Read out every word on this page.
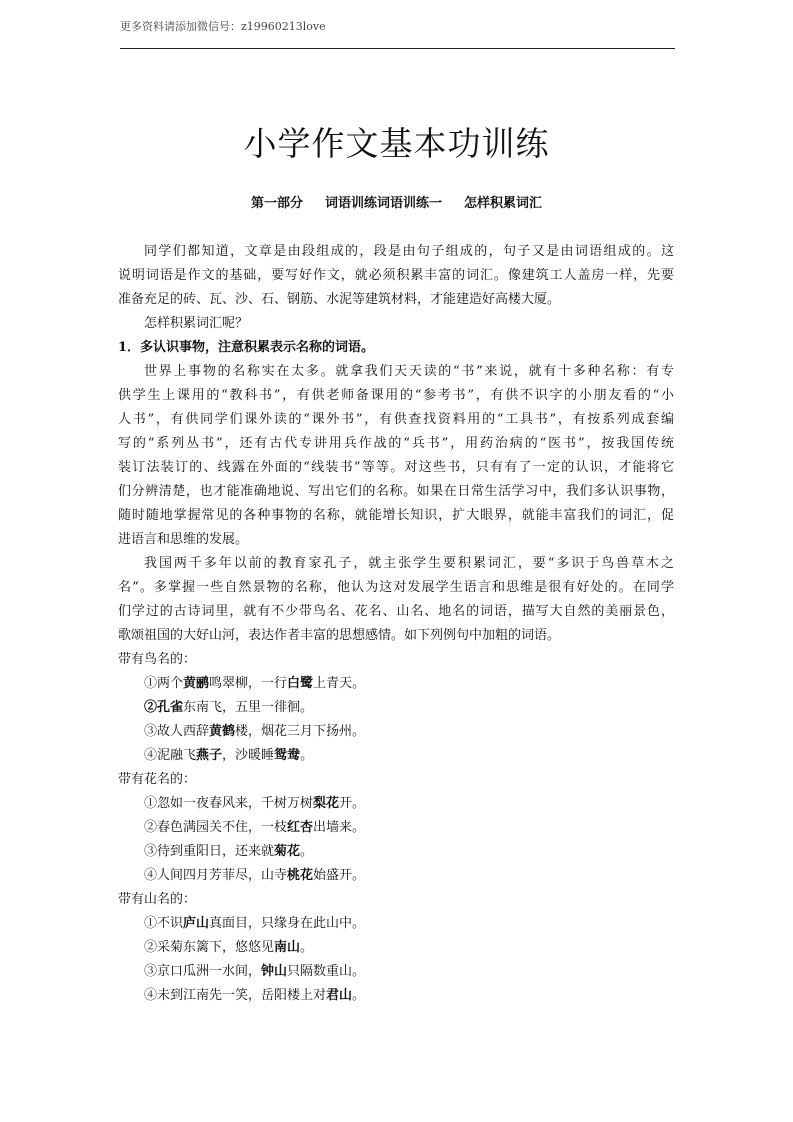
更多资料请添加微信号：z19960213love
小学作文基本功训练
第一部分 词语训练词语训练一 怎样积累词汇

同学们都知道，文章是由段组成的，段是由句子组成的，句子又是由词语组成的。这
说明词语是作文的基础，要写好作文，就必须积累丰富的词汇。像建筑工人盖房一样，先要
准备充足的砖、瓦、沙、石、钢筋、水泥等建筑材料，才能建造好高楼大厦。

怎样积累词汇呢？

1．多认识事物，注意积累表示名称的词语。

世界上事物的名称实在太多。就拿我们天天读的“书”来说，就有十多种名称：有专
供学生上课用的“教科书”，有供老师备课用的“参考书”，有供不识字的小朋友看的“小
人书”，有供同学们课外读的“课外书”，有供查找资料用的“工具书”，有按系列成套编
写的“系列丛书”，还有古代专讲用兵作战的“兵书”，用药治病的“医书”，按我国传统
装订法装订的、线露在外面的“线装书”等等。对这些书，只有有了一定的认识，才能将它
们分辨清楚，也才能准确地说、写出它们的名称。如果在日常生活学习中，我们多认识事物，
随时随地掌握常见的各种事物的名称，就能增长知识，扩大眼界，就能丰富我们的词汇，促
进语言和思维的发展。

我国两千多年以前的教育家孔子，就主张学生要积累词汇，要“多识于鸟兽草木之
名”。多掌握一些自然景物的名称，他认为这对发展学生语言和思维是很有好处的。在同学
们学过的古诗词里，就有不少带鸟名、花名、山名、地名的词语，描写大自然的美丽景色，
歌颂祖国的大好山河，表达作者丰富的思想感情。如下列例句中加粗的词语。

带有鸟名的：

①两个黄鹂鸣翠柳，一行白鹭上青天。

②孔雀东南飞，五里一徘徊。

③故人西辞黄鹤楼，烟花三月下扬州。

④泥融飞燕子，沙暖睡鸳鸯。

带有花名的：

①忽如一夜春风来，千树万树梨花开。

②春色满园关不住，一枝红杏出墙来。

③待到重阳日，还来就菊花。

④人间四月芳菲尽，山寺桃花始盛开。

带有山名的：

①不识庐山真面目，只缘身在此山中。

②采菊东篱下，悠悠见南山。

③京口瓜洲一水间，钟山只隔数重山。

④未到江南先一笑，岳阳楼上对君山。
